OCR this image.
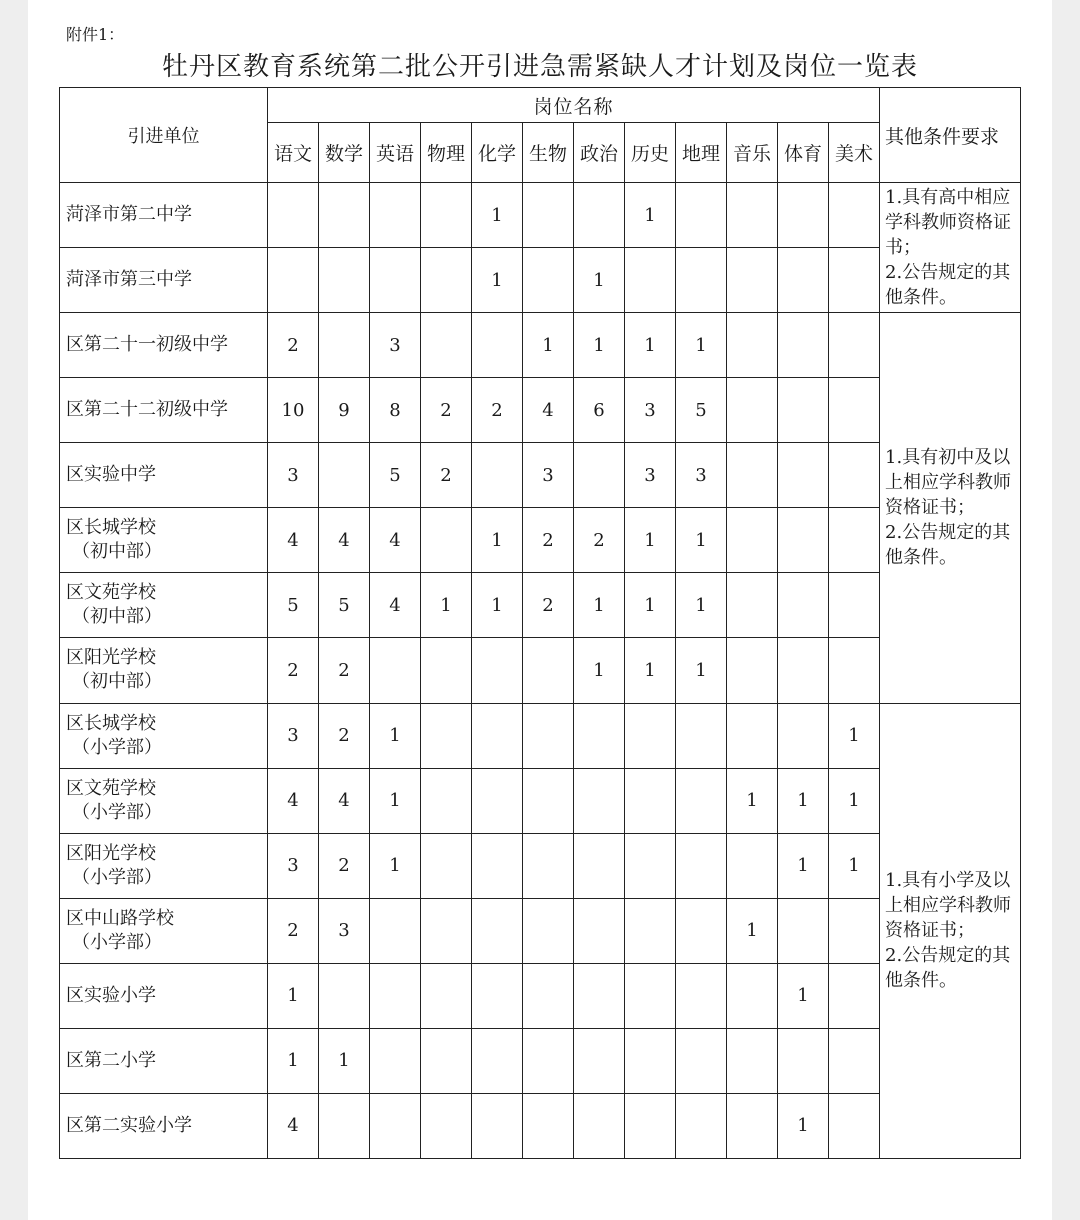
附件1：
牡丹区教育系统第二批公开引进急需紧缺人才计划及岗位一览表
引进单位	岗位名称												其他条件要求
	语文	数学	英语	物理	化学	生物	政治	历史	地理	音乐	体育	美术	
菏泽市第二中学					1			1					1.具有高中相应学科教师资格证书；
2.公告规定的其他条件。

菏泽市第三中学					1		1						
区第二十一初级中学	2		3			1	1	1	1				1.具有初中及以上相应学科教师资格证书；
2.公告规定的其他条件。

区第二十二初级中学	10	9	8	2	2	4	6	3	5				
区实验中学	3		5	2		3		3	3				
区长城学校
（初中部）	4	4	4		1	2	2	1	1				
区文苑学校
（初中部）	5	5	4	1	1	2	1	1	1				
区阳光学校
（初中部）	2	2					1	1	1				
区长城学校
（小学部）	3	2	1									1	1.具有小学及以上相应学科教师资格证书；
2.公告规定的其他条件。

区文苑学校
（小学部）	4	4	1							1	1	1	
区阳光学校
（小学部）	3	2	1								1	1	
区中山路学校
（小学部）	2	3								1			
区实验小学	1										1		
区第二小学	1	1											
区第二实验小学	4										1		
